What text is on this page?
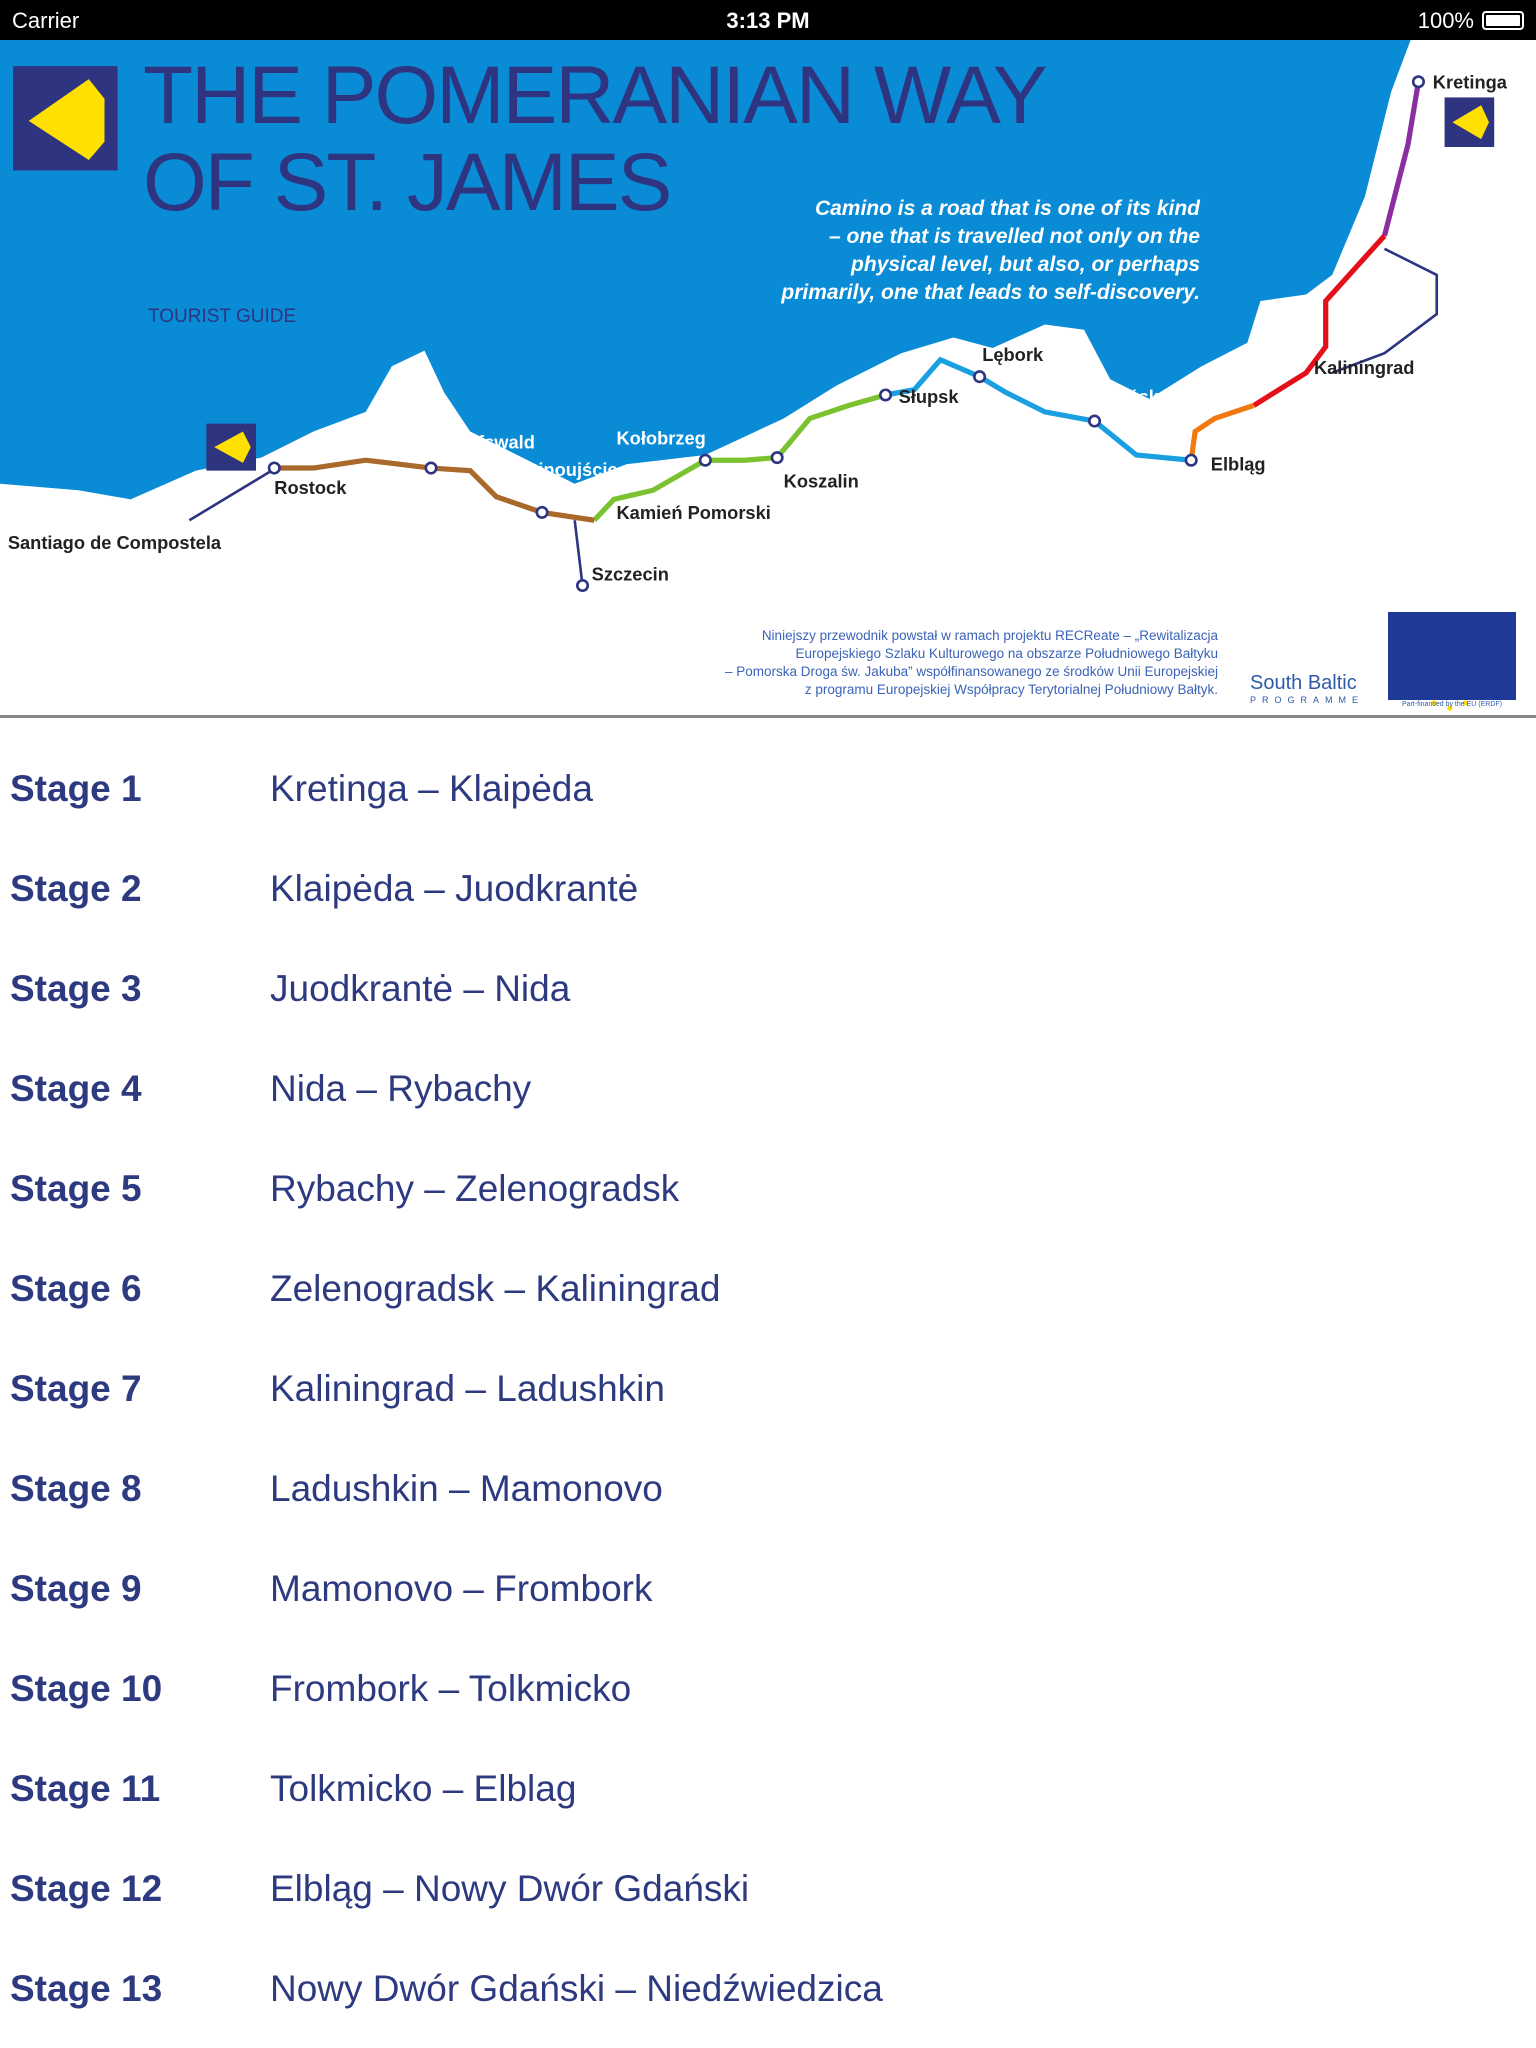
Carrier	3:13 PM	100%
Kretinga
Kaliningrad
Lębork
Słupsk	Gdańsk
Elbląg
Kołobrzeg
Koszalin
Greifswald
Świnoujście
Kamień Pomorski
Rostock
Szczecin
Santiago de Compostela
THE POMERANIAN WAY
OF ST. JAMES
TOURIST GUIDE
Camino is a road that is one of its kind
– one that is travelled not only on the
physical level, but also, or perhaps
primarily, one that leads to self-discovery.
Niniejszy przewodnik powstał w ramach projektu RECReate – „Rewitalizacja
Europejskiego Szlaku Kulturowego na obszarze Południowego Bałtyku
– Pomorska Droga św. Jakuba” współfinansowanego ze środków Unii Europejskiej
z programu Europejskiej Współpracy Terytorialnej Południowy Bałtyk. South Baltic
PROGRAMME	Part-financed by the EU (ERDF)
Stage 1	Kretinga – Klaipėda
Stage 2	Klaipėda – Juodkrantė
Stage 3	Juodkrantė – Nida
Stage 4	Nida – Rybachy
Stage 5	Rybachy – Zelenogradsk
Stage 6	Zelenogradsk – Kaliningrad
Stage 7	Kaliningrad – Ladushkin
Stage 8	Ladushkin – Mamonovo
Stage 9	Mamonovo – Frombork
Stage 10	Frombork – Tolkmicko
Stage 11	Tolkmicko – Elblag
Stage 12	Elbląg – Nowy Dwór Gdański
Stage 13	Nowy Dwór Gdański – Niedźwiedzica
